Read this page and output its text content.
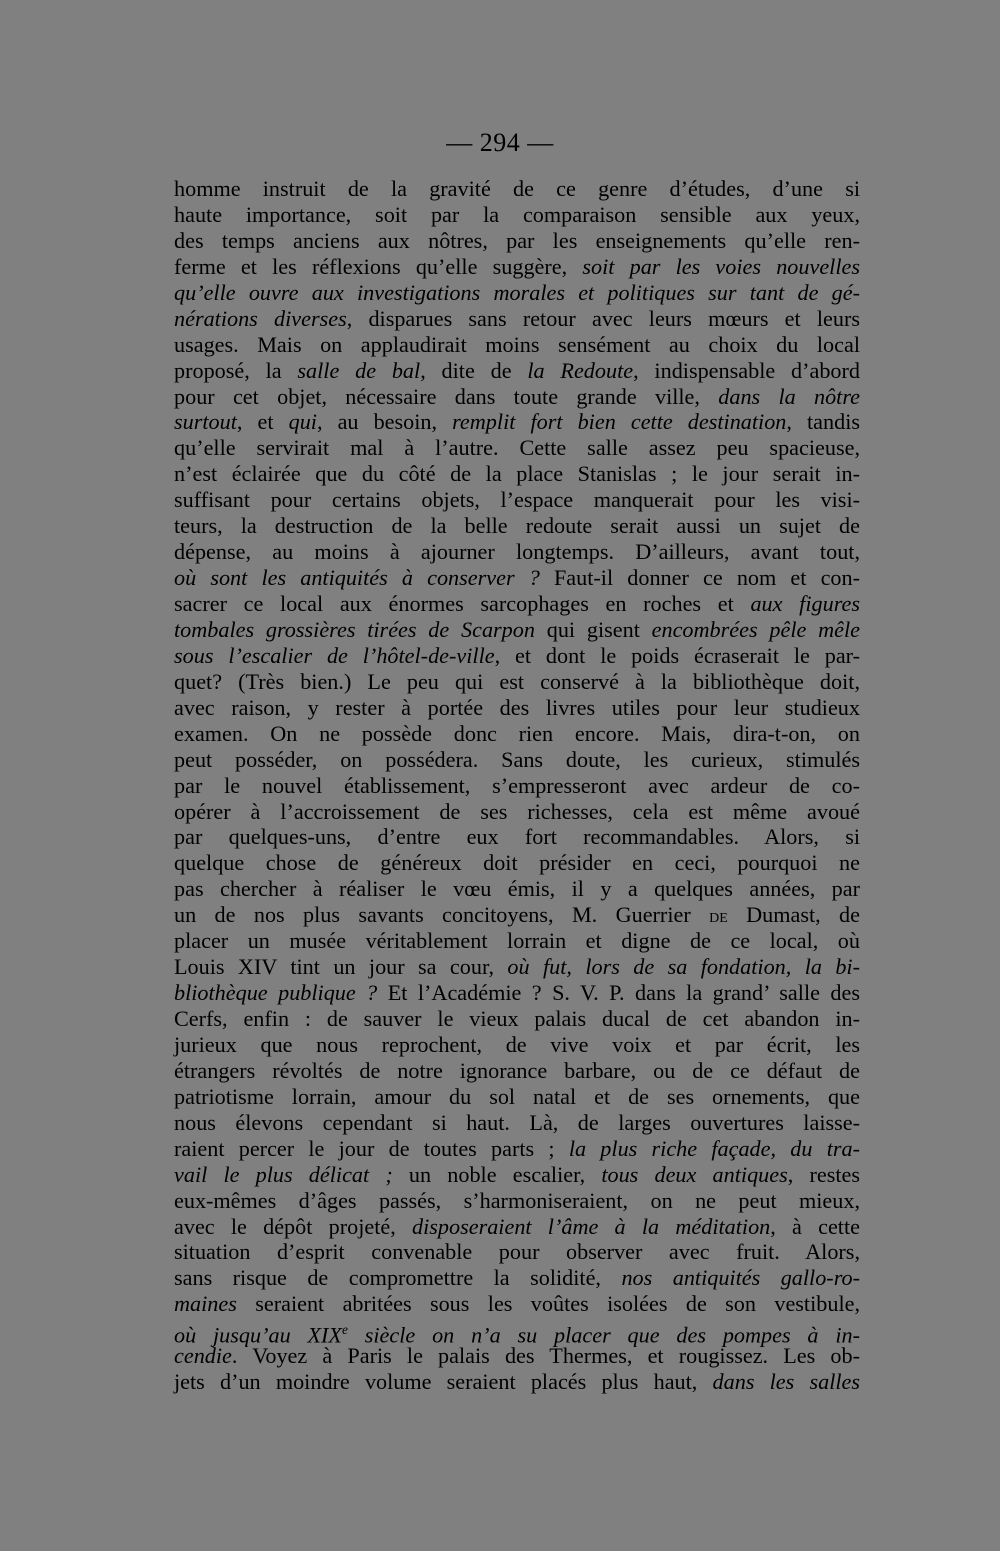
— 294 —
homme instruit de la gravité de ce genre d’études, d’une si
haute importance, soit par la comparaison sensible aux yeux,
des temps anciens aux nôtres, par les enseignements qu’elle ren-
ferme et les réflexions qu’elle suggère, soit par les voies nouvelles
qu’elle ouvre aux investigations morales et politiques sur tant de gé-
nérations diverses, disparues sans retour avec leurs mœurs et leurs
usages. Mais on applaudirait moins sensément au choix du local
proposé, la salle de bal, dite de la Redoute, indispensable d’abord
pour cet objet, nécessaire dans toute grande ville, dans la nôtre
surtout, et qui, au besoin, remplit fort bien cette destination, tandis
qu’elle servirait mal à l’autre. Cette salle assez peu spacieuse,
n’est éclairée que du côté de la place Stanislas ; le jour serait in-
suffisant pour certains objets, l’espace manquerait pour les visi-
teurs, la destruction de la belle redoute serait aussi un sujet de
dépense, au moins à ajourner longtemps. D’ailleurs, avant tout,
où sont les antiquités à conserver ? Faut-il donner ce nom et con-
sacrer ce local aux énormes sarcophages en roches et aux figures
tombales grossières tirées de Scarpon qui gisent encombrées pêle mêle
sous l’escalier de l’hôtel-de-ville, et dont le poids écraserait le par-
quet? (Très bien.) Le peu qui est conservé à la bibliothèque doit,
avec raison, y rester à portée des livres utiles pour leur studieux
examen. On ne possède donc rien encore. Mais, dira-t-on, on
peut posséder, on possédera. Sans doute, les curieux, stimulés
par le nouvel établissement, s’empresseront avec ardeur de co-
opérer à l’accroissement de ses richesses, cela est même avoué
par quelques-uns, d’entre eux fort recommandables. Alors, si
quelque chose de généreux doit présider en ceci, pourquoi ne
pas chercher à réaliser le vœu émis, il y a quelques années, par
un de nos plus savants concitoyens, M. Guerrier de Dumast, de
placer un musée véritablement lorrain et digne de ce local, où
Louis XIV tint un jour sa cour, où fut, lors de sa fondation, la bi-
bliothèque publique ? Et l’Académie ? S. V. P. dans la grand’ salle des
Cerfs, enfin : de sauver le vieux palais ducal de cet abandon in-
jurieux que nous reprochent, de vive voix et par écrit, les
étrangers révoltés de notre ignorance barbare, ou de ce défaut de
patriotisme lorrain, amour du sol natal et de ses ornements, que
nous élevons cependant si haut. Là, de larges ouvertures laisse-
raient percer le jour de toutes parts ; la plus riche façade, du tra-
vail le plus délicat ; un noble escalier, tous deux antiques, restes
eux-mêmes d’âges passés, s’harmoniseraient, on ne peut mieux,
avec le dépôt projeté, disposeraient l’âme à la méditation, à cette
situation d’esprit convenable pour observer avec fruit. Alors,
sans risque de compromettre la solidité, nos antiquités gallo-ro-
maines seraient abritées sous les voûtes isolées de son vestibule,
où jusqu’au XIXe siècle on n’a su placer que des pompes à in-
cendie. Voyez à Paris le palais des Thermes, et rougissez. Les ob-
jets d’un moindre volume seraient placés plus haut, dans les salles
